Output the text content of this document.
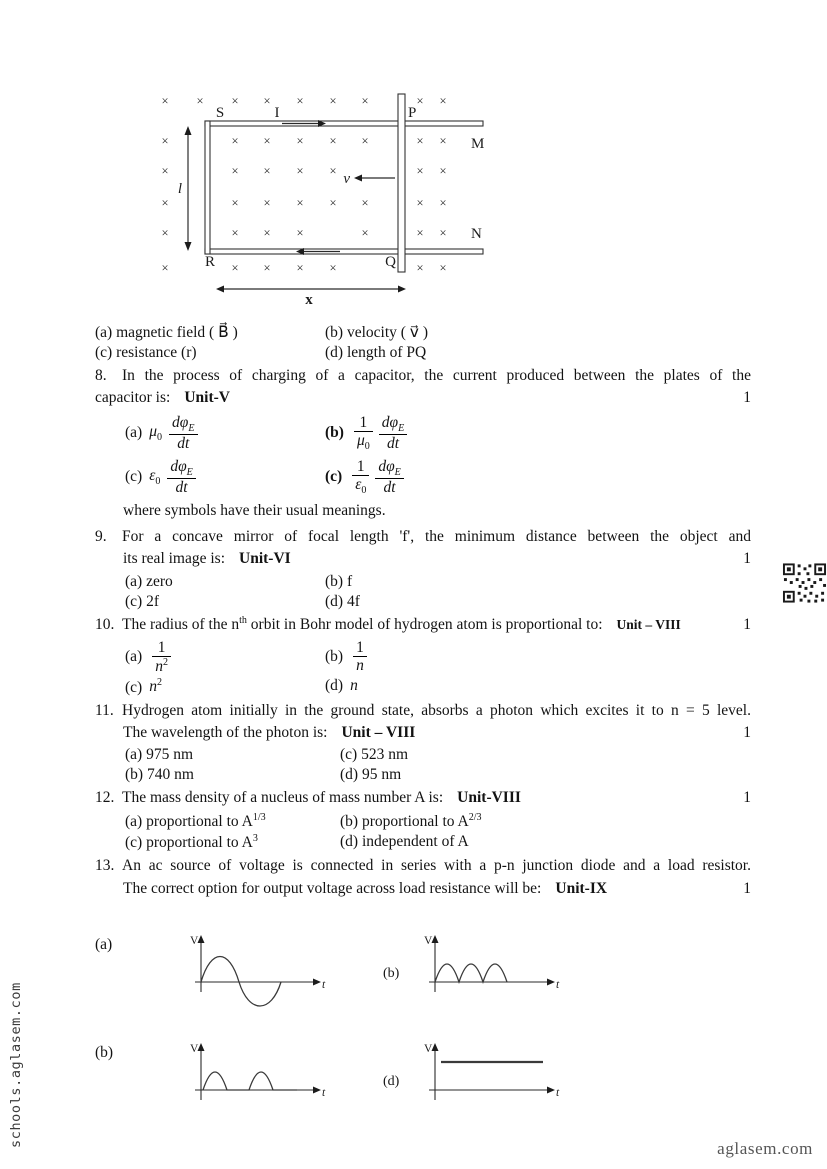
×
×
×
×
×
×
× × × × × ×	× ×
× × × × ×	× ×
× × × ×	× ×
× × × × ×	× ×
× × ×	×	× ×
× × × ×	× ×
S	I	P
M
N
R	Q
v
l
x
(a) magnetic field ( B⃗ )	(b) velocity ( v⃗ )
(c) resistance (r)	(d) length of PQ
8. In the process of charging of a capacitor, the current produced between the plates of the
capacitor is: Unit-V	1
(a) $\mu_0 \frac{d\varphi_E}{dt}$	$(b) \frac{1}{\mu_0} \frac{d\varphi_E}{dt}$
(c) $\varepsilon_0 \frac{d\varphi_E}{dt}$	$(c) \frac{1}{\varepsilon_0} \frac{d\varphi_E}{dt}$
where symbols have their usual meanings.
9. For a concave mirror of focal length 'f', the minimum distance between the object and
its real image is: Unit-VI	1
(a) zero	(b) f
(c) 2f	(d) 4f
10. The radius of the $n^{th}$ orbit in Bohr model of hydrogen atom is proportional to: Unit – VIII	1
$(a) \frac{1}{n^2}$	$(b) \frac{1}{n}$
(c) $n^2$	(d) n
11. Hydrogen atom initially in the ground state, absorbs a photon which excites it to n = 5 level.
The wavelength of the photon is: Unit – VIII	1
(a) 975 nm	(c) 523 nm
(b) 740 nm	(d) 95 nm
12. The mass density of a nucleus of mass number A is: Unit-VIII	1
(a) proportional to $A^{1/3}$	(b) proportional to $A^{2/3}$
(c) proportional to $A^3$	(d) independent of A
13. An ac source of voltage is connected in series with a p-n junction diode and a load resistor.
The correct option for output voltage across load resistance will be: Unit-IX	1
(a)	V
t
(b)
V
t
(b)	V
t
(d)
V
t
schools.aglasem.com
aglasem.com
